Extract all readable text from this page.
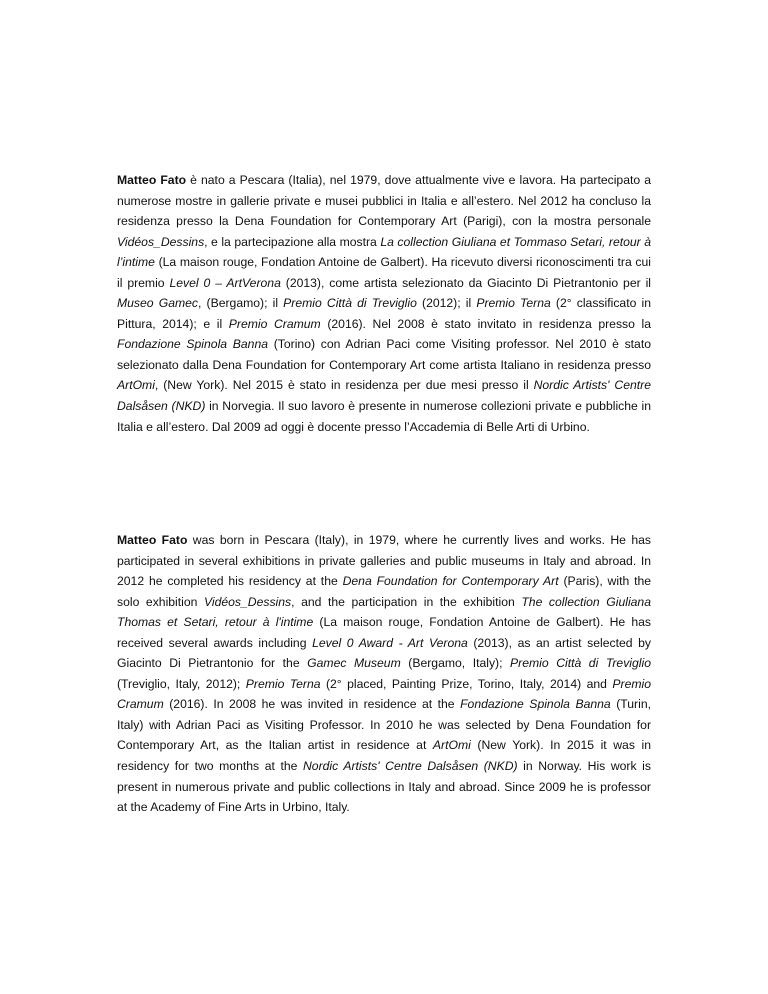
Matteo Fato è nato a Pescara (Italia), nel 1979, dove attualmente vive e lavora. Ha partecipato a numerose mostre in gallerie private e musei pubblici in Italia e all’estero. Nel 2012 ha concluso la residenza presso la Dena Foundation for Contemporary Art (Parigi), con la mostra personale Vidéos_Dessins, e la partecipazione alla mostra La collection Giuliana et Tommaso Setari, retour à l’intime (La maison rouge, Fondation Antoine de Galbert). Ha ricevuto diversi riconoscimenti tra cui il premio Level 0 – ArtVerona (2013), come artista selezionato da Giacinto Di Pietrantonio per il Museo Gamec, (Bergamo); il Premio Città di Treviglio (2012); il Premio Terna (2° classificato in Pittura, 2014); e il Premio Cramum (2016). Nel 2008 è stato invitato in residenza presso la Fondazione Spinola Banna (Torino) con Adrian Paci come Visiting professor. Nel 2010 è stato selezionato dalla Dena Foundation for Contemporary Art come artista Italiano in residenza presso ArtOmi, (New York). Nel 2015 è stato in residenza per due mesi presso il Nordic Artists' Centre Dalsåsen (NKD) in Norvegia. Il suo lavoro è presente in numerose collezioni private e pubbliche in Italia e all’estero. Dal 2009 ad oggi è docente presso l’Accademia di Belle Arti di Urbino.

Matteo Fato was born in Pescara (Italy), in 1979, where he currently lives and works. He has participated in several exhibitions in private galleries and public museums in Italy and abroad. In 2012 he completed his residency at the Dena Foundation for Contemporary Art (Paris), with the solo exhibition Vidéos_Dessins, and the participation in the exhibition The collection Giuliana Thomas et Setari, retour à l'intime (La maison rouge, Fondation Antoine de Galbert). He has received several awards including Level 0 Award - Art Verona (2013), as an artist selected by Giacinto Di Pietrantonio for the Gamec Museum (Bergamo, Italy); Premio Città di Treviglio (Treviglio, Italy, 2012); Premio Terna (2° placed, Painting Prize, Torino, Italy, 2014) and Premio Cramum (2016). In 2008 he was invited in residence at the Fondazione Spinola Banna (Turin, Italy) with Adrian Paci as Visiting Professor. In 2010 he was selected by Dena Foundation for Contemporary Art, as the Italian artist in residence at ArtOmi (New York). In 2015 it was in residency for two months at the Nordic Artists' Centre Dalsåsen (NKD) in Norway. His work is present in numerous private and public collections in Italy and abroad. Since 2009 he is professor at the Academy of Fine Arts in Urbino, Italy.
